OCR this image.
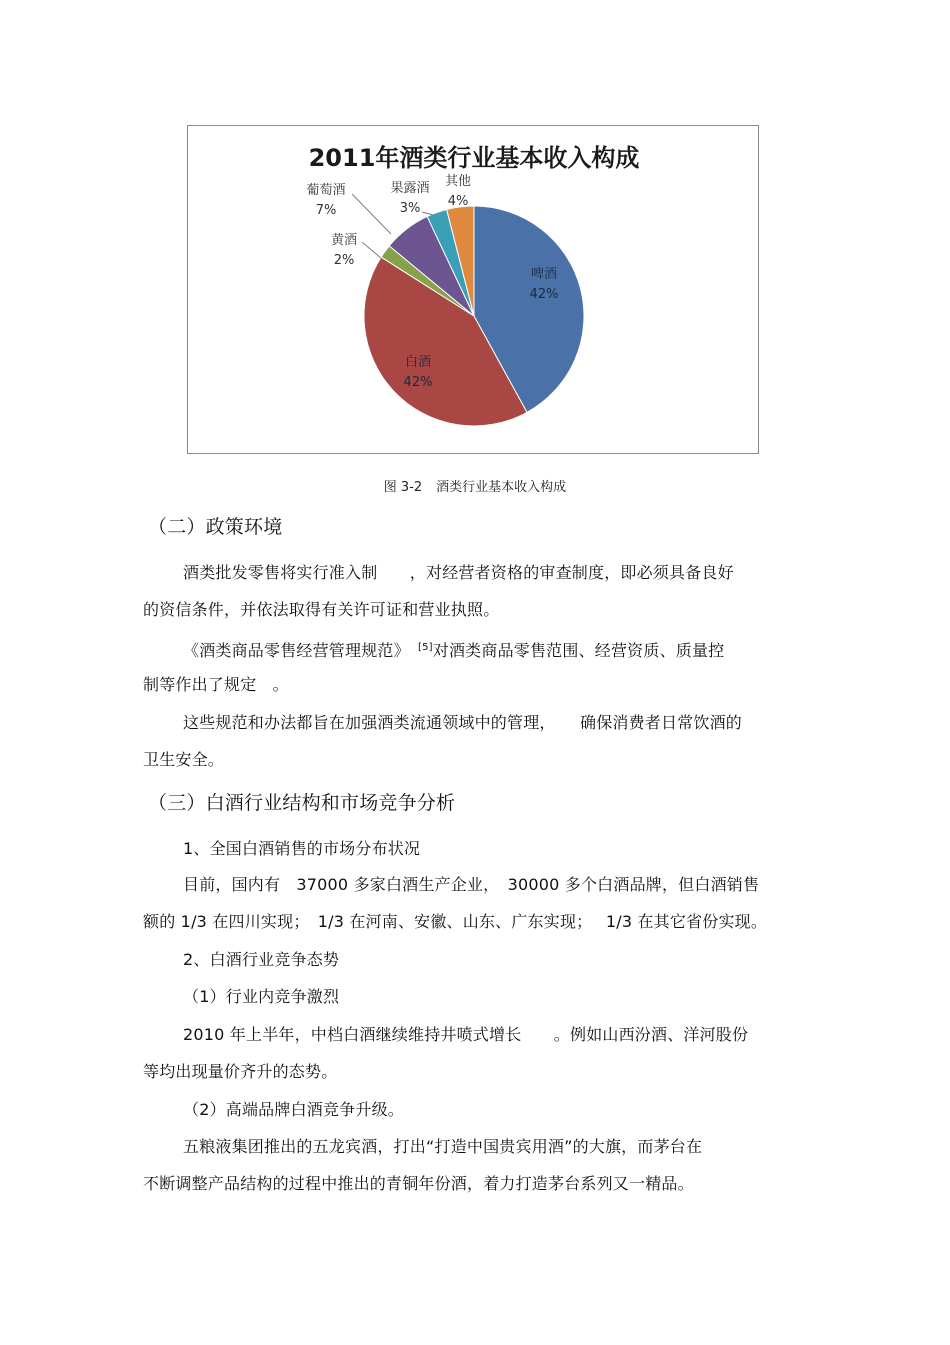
2011年酒类行业基本收入构成
啤酒
42%
白酒
42%
黄酒
2%
葡萄酒
7%
果露酒
3%
其他
4%
图 3-2 酒类行业基本收入构成
（二）政策环境
酒类批发零售将实行准入制　　，对经营者资格的审查制度，即必须具备良好
的资信条件，并依法取得有关许可证和营业执照。
《酒类商品零售经营管理规范》　[5]对酒类商品零售范围、经营资质、质量控
制等作出了规定　。
这些规范和办法都旨在加强酒类流通领域中的管理，　　确保消费者日常饮酒的
卫生安全。
（三）白酒行业结构和市场竞争分析
1、全国白酒销售的市场分布状况
目前，国内有　37000 多家白酒生产企业，　30000 多个白酒品牌，但白酒销售
额的 1/3 在四川实现；　1/3 在河南、安徽、山东、广东实现；　 1/3 在其它省份实现。
2、白酒行业竞争态势
（1）行业内竞争激烈
2010 年上半年，中档白酒继续维持井喷式增长　　。例如山西汾酒、洋河股份
等均出现量价齐升的态势。
（2）高端品牌白酒竞争升级。
五粮液集团推出的五龙宾酒，打出“打造中国贵宾用酒”的大旗，而茅台在
不断调整产品结构的过程中推出的青铜年份酒，着力打造茅台系列又一精品。
